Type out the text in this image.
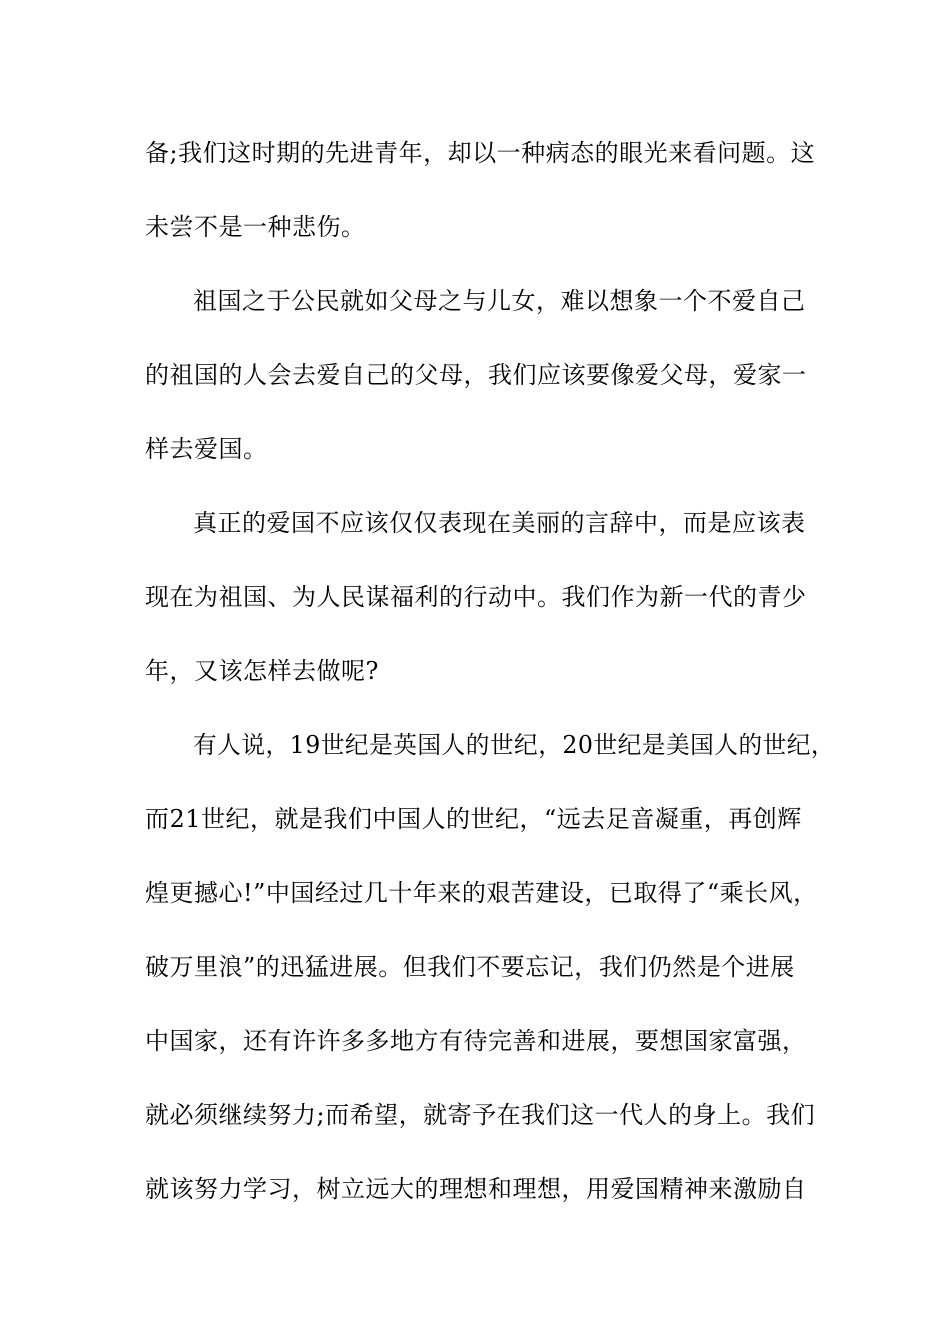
备;我们这时期的先进青年，却以一种病态的眼光来看问题。这
未尝不是一种悲伤。
祖国之于公民就如父母之与儿女，难以想象一个不爱自己
的祖国的人会去爱自己的父母，我们应该要像爱父母，爱家一
样去爱国。
真正的爱国不应该仅仅表现在美丽的言辞中，而是应该表
现在为祖国、为人民谋福利的行动中。我们作为新一代的青少
年，又该怎样去做呢?
有人说，19世纪是英国人的世纪，20世纪是美国人的世纪，
而21世纪，就是我们中国人的世纪，“远去足音凝重，再创辉
煌更撼心!”中国经过几十年来的艰苦建设，已取得了“乘长风，
破万里浪”的迅猛进展。但我们不要忘记，我们仍然是个进展
中国家，还有许许多多地方有待完善和进展，要想国家富强，
就必须继续努力;而希望，就寄予在我们这一代人的身上。我们
就该努力学习，树立远大的理想和理想，用爱国精神来激励自
